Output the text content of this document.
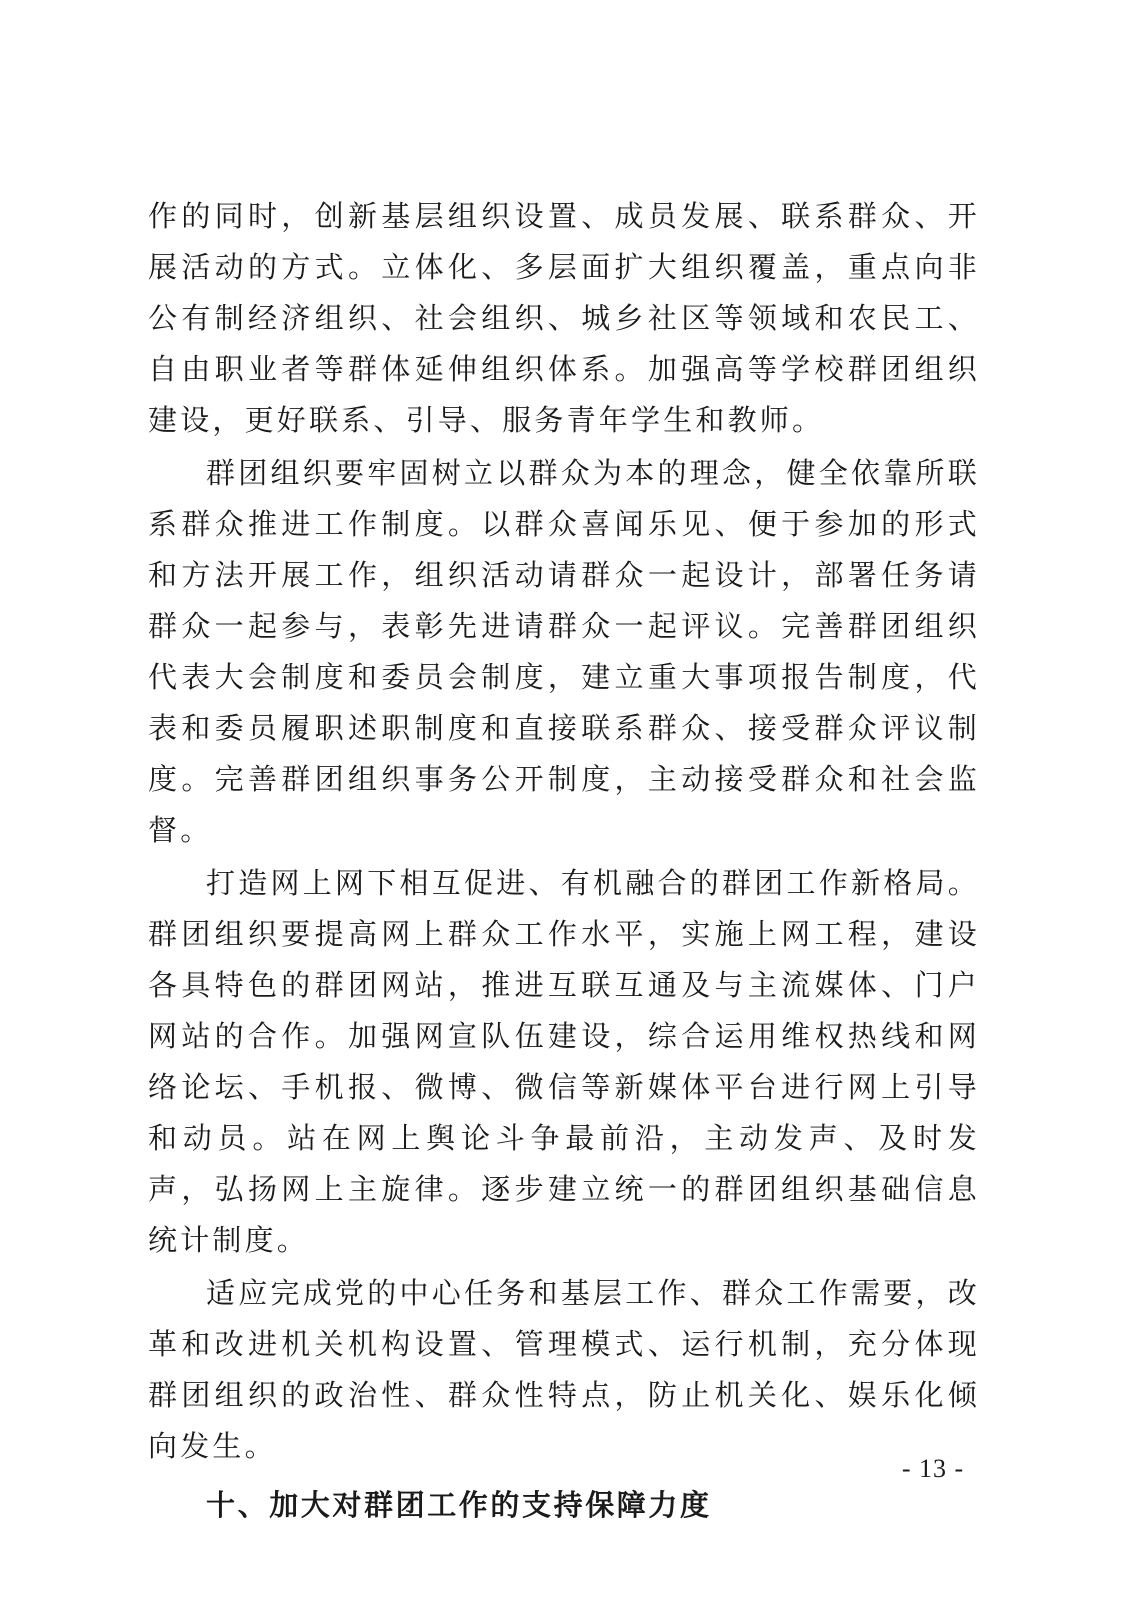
作的同时，创新基层组织设置、成员发展、联系群众、开展活动的方式。立体化、多层面扩大组织覆盖，重点向非公有制经济组织、社会组织、城乡社区等领域和农民工、自由职业者等群体延伸组织体系。加强高等学校群团组织建设，更好联系、引导、服务青年学生和教师。

群团组织要牢固树立以群众为本的理念，健全依靠所联系群众推进工作制度。以群众喜闻乐见、便于参加的形式和方法开展工作，组织活动请群众一起设计，部署任务请群众一起参与，表彰先进请群众一起评议。完善群团组织代表大会制度和委员会制度，建立重大事项报告制度，代表和委员履职述职制度和直接联系群众、接受群众评议制度。完善群团组织事务公开制度，主动接受群众和社会监督。

打造网上网下相互促进、有机融合的群团工作新格局。群团组织要提高网上群众工作水平，实施上网工程，建设各具特色的群团网站，推进互联互通及与主流媒体、门户网站的合作。加强网宣队伍建设，综合运用维权热线和网络论坛、手机报、微博、微信等新媒体平台进行网上引导和动员。站在网上舆论斗争最前沿，主动发声、及时发声，弘扬网上主旋律。逐步建立统一的群团组织基础信息统计制度。

适应完成党的中心任务和基层工作、群众工作需要，改革和改进机关机构设置、管理模式、运行机制，充分体现群团组织的政治性、群众性特点，防止机关化、娱乐化倾向发生。

十、加大对群团工作的支持保障力度

- 13 -
